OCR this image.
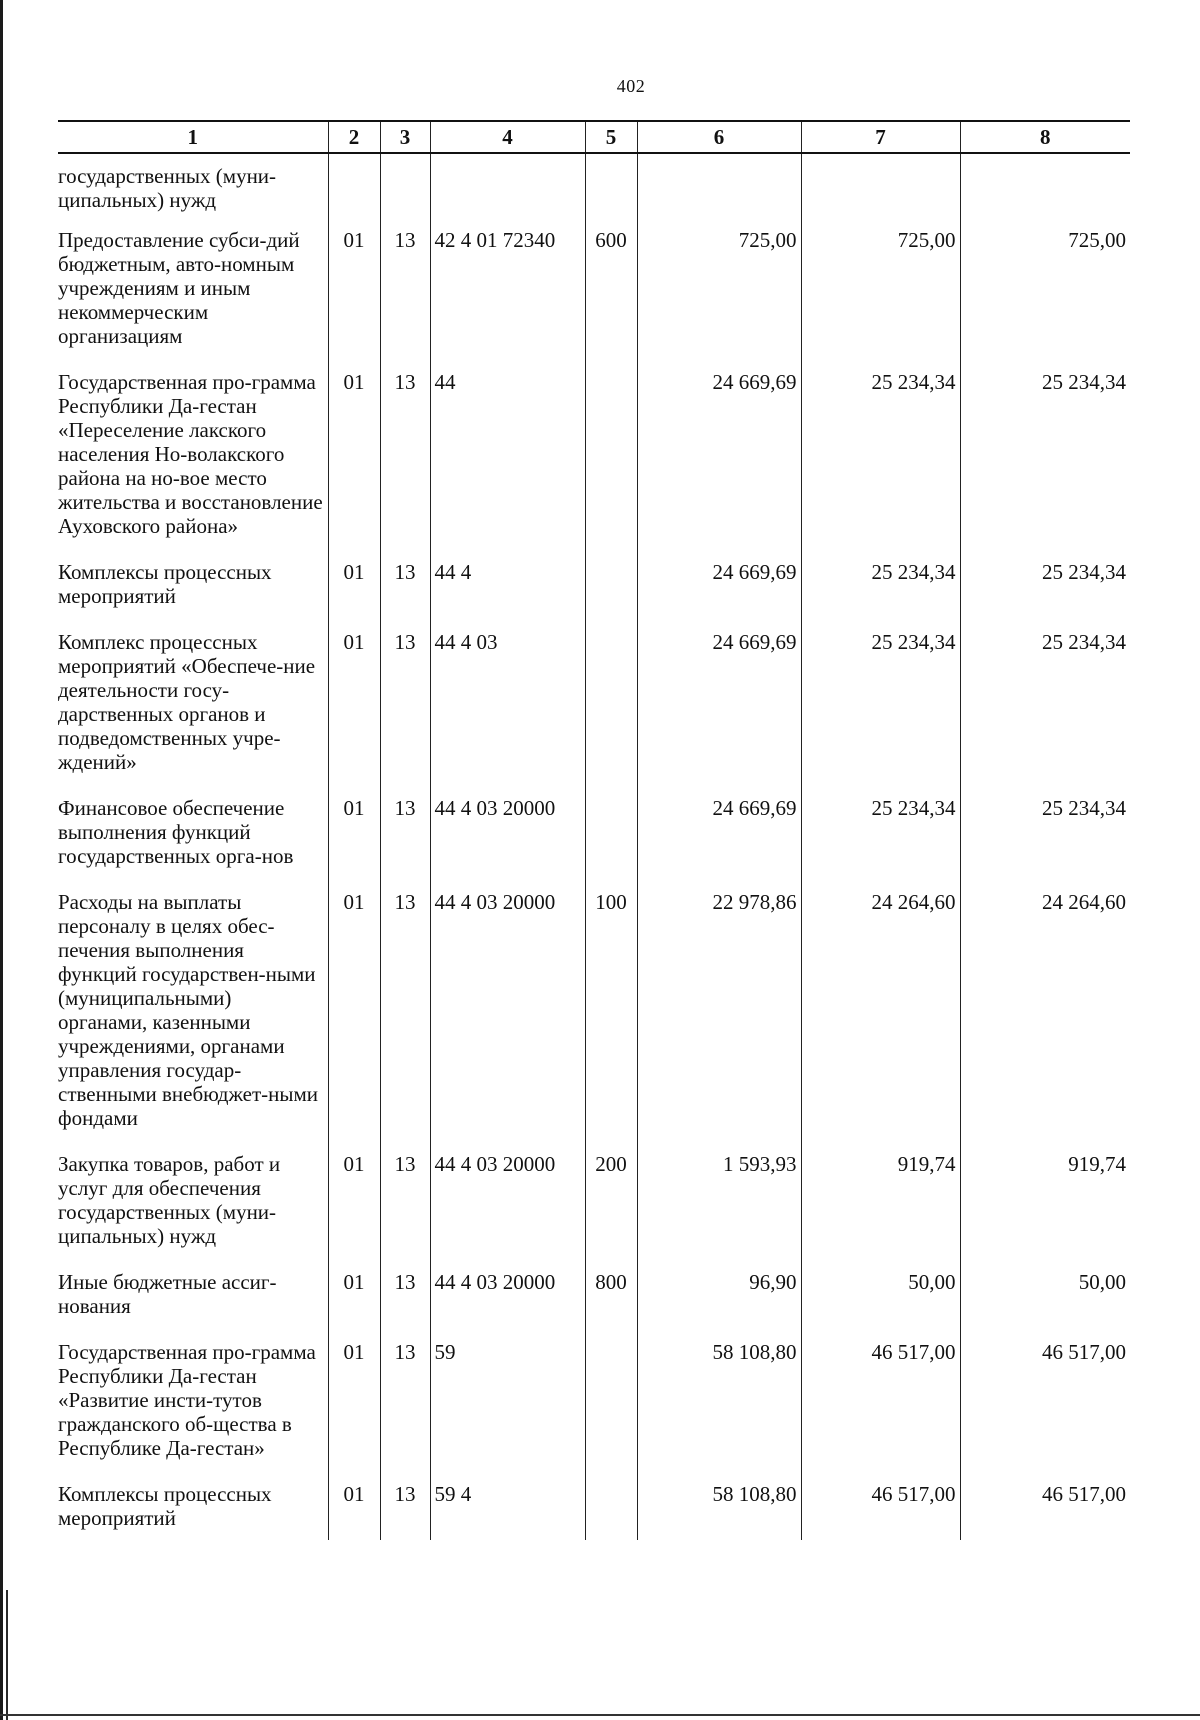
402
1	2	3	4	5	6	7	8
государственных (муни-ципальных) нужд							
Предоставление субси-дий бюджетным, авто-номным учреждениям и иным некоммерческим организациям	01	13	42 4 01 72340	600	725,00	725,00	725,00
Государственная про-грамма Республики Да-гестан «Переселение лакского населения Но-волакского района на но-вое место жительства и восстановление Ауховского района»	01	13	44		24 669,69	25 234,34	25 234,34
Комплексы процессных мероприятий	01	13	44 4		24 669,69	25 234,34	25 234,34
Комплекс процессных мероприятий «Обеспече-ние деятельности госу-дарственных органов и подведомственных учре-ждений»	01	13	44 4 03		24 669,69	25 234,34	25 234,34
Финансовое обеспечение выполнения функций государственных орга-нов	01	13	44 4 03 20000		24 669,69	25 234,34	25 234,34
Расходы на выплаты персоналу в целях обес-печения выполнения функций государствен-ными (муниципальными) органами, казенными учреждениями, органами управления государ-ственными внебюджет-ными фондами	01	13	44 4 03 20000	100	22 978,86	24 264,60	24 264,60
Закупка товаров, работ и услуг для обеспечения государственных (муни-ципальных) нужд	01	13	44 4 03 20000	200	1 593,93	919,74	919,74
Иные бюджетные ассиг-нования	01	13	44 4 03 20000	800	96,90	50,00	50,00
Государственная про-грамма Республики Да-гестан «Развитие инсти-тутов гражданского об-щества в Республике Да-гестан»	01	13	59		58 108,80	46 517,00	46 517,00
Комплексы процессных мероприятий	01	13	59 4		58 108,80	46 517,00	46 517,00
